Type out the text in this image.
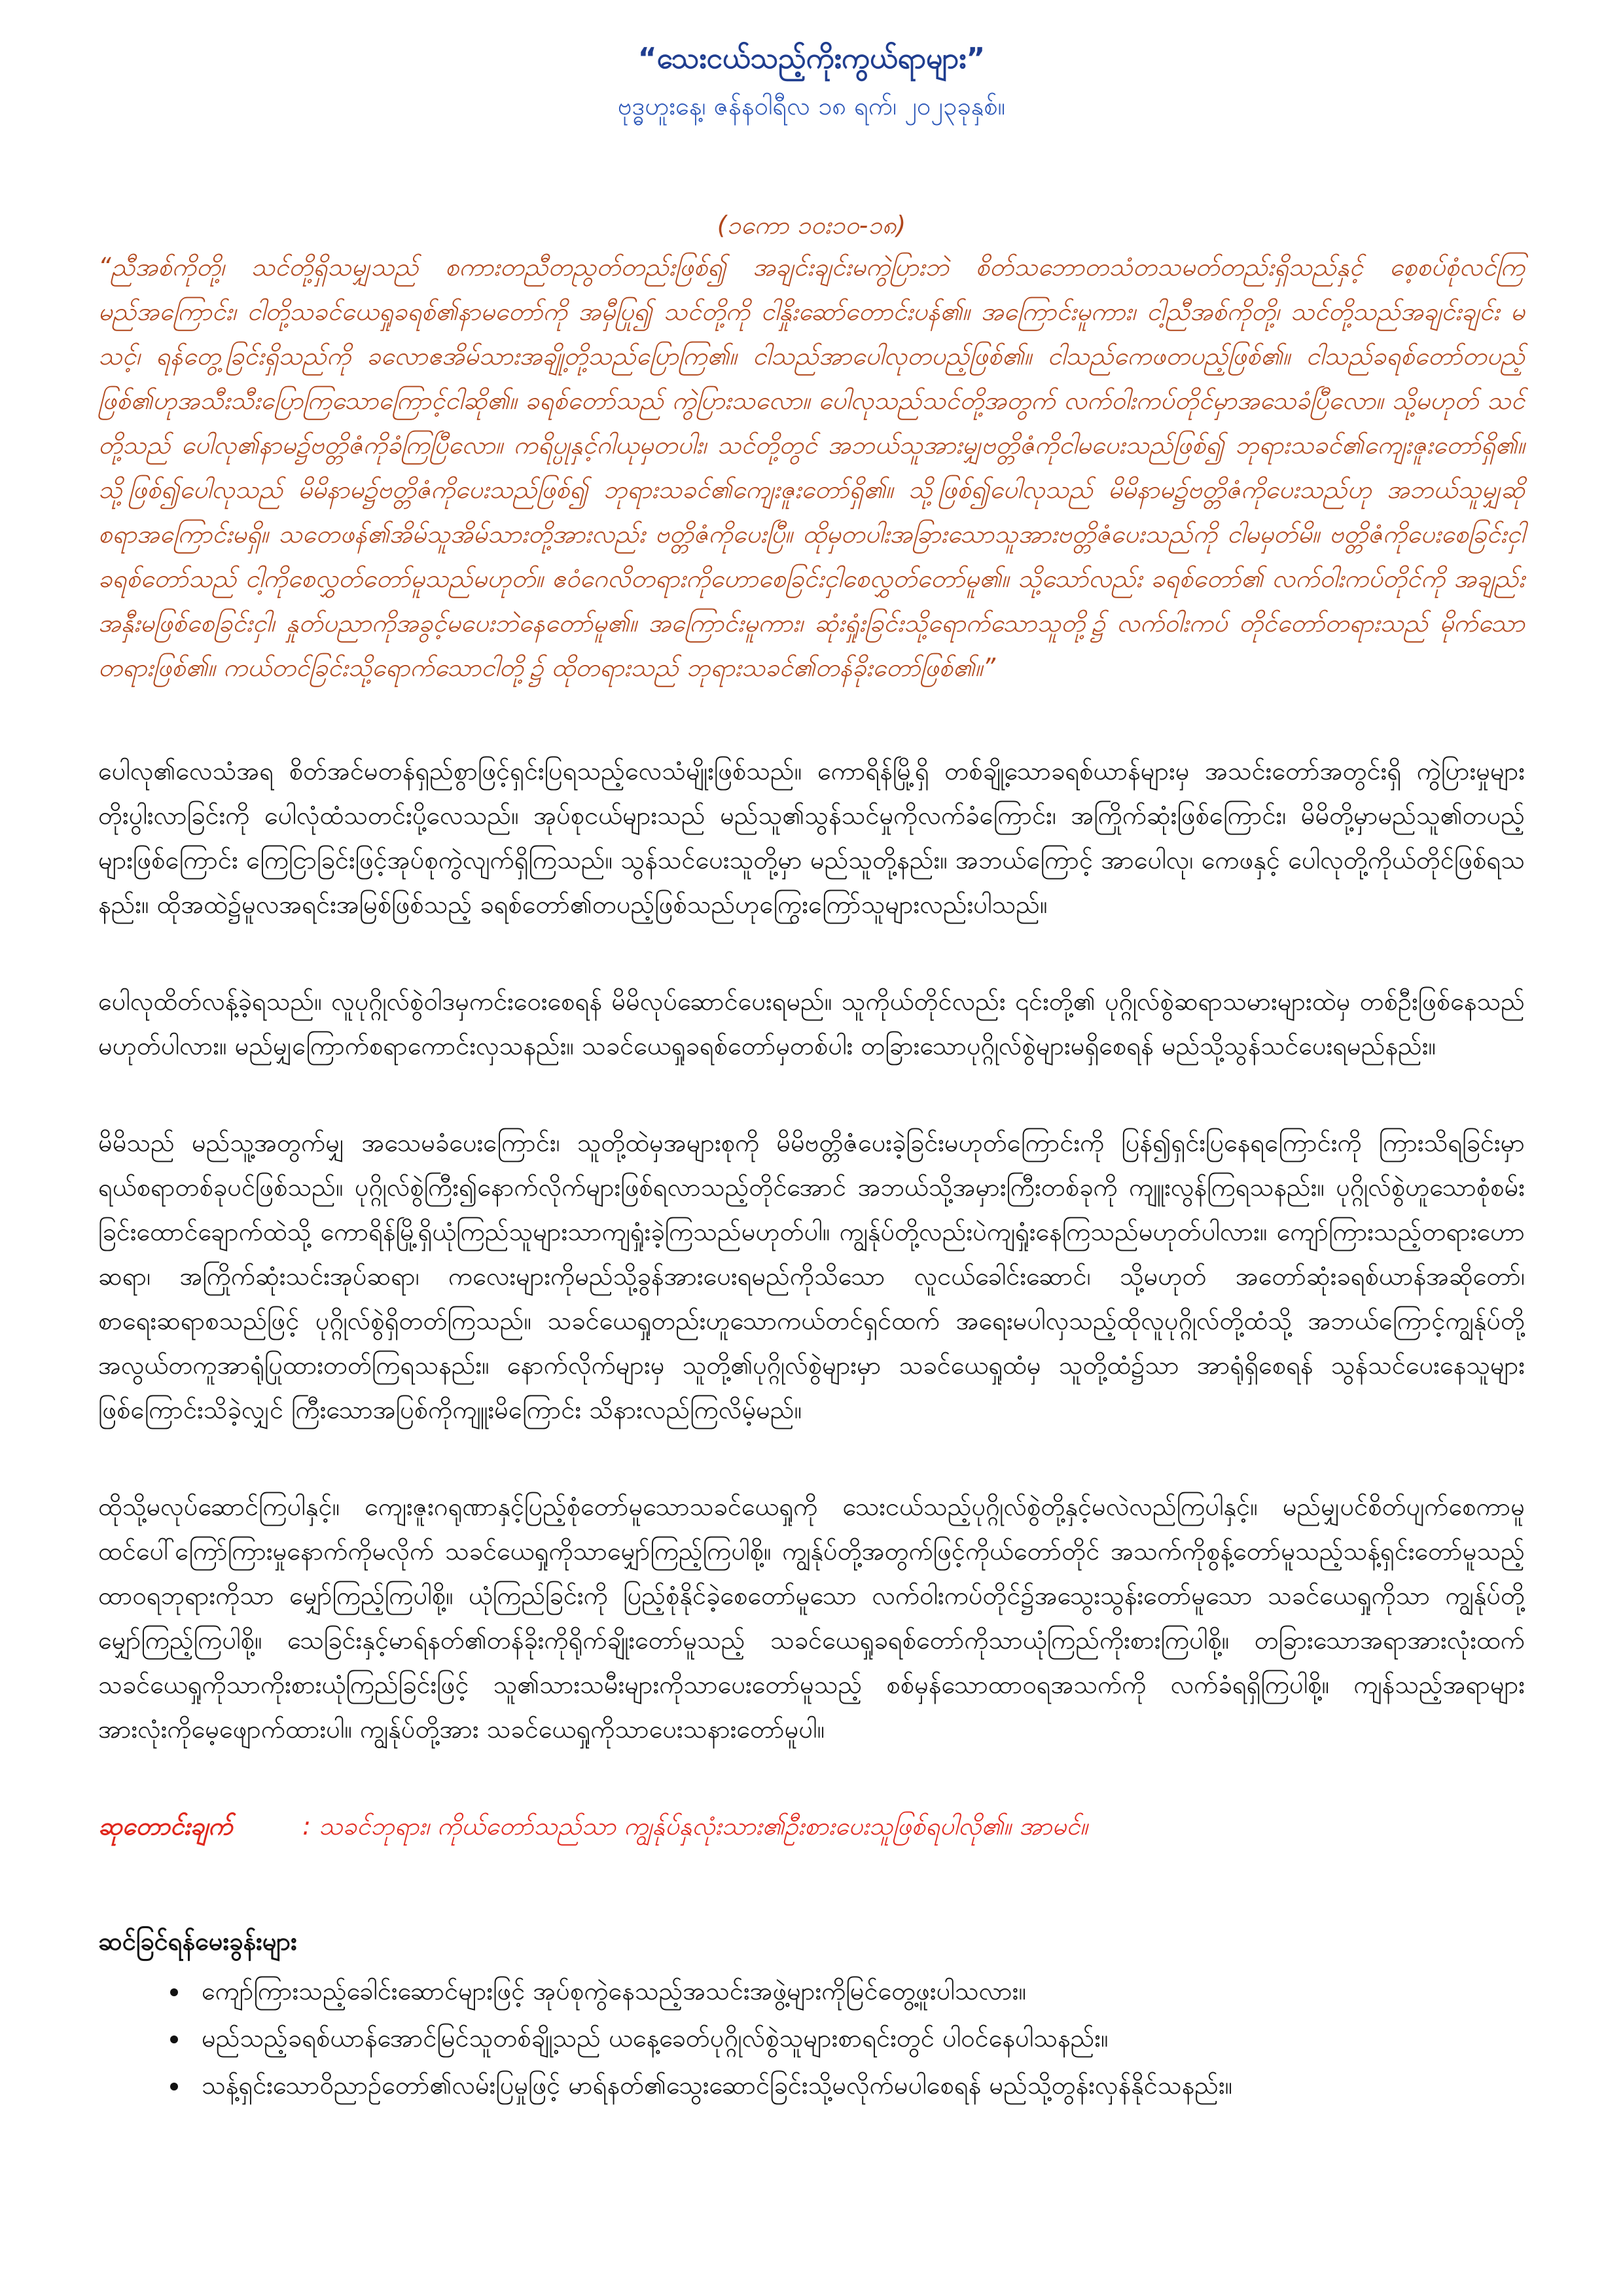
“သေးငယ်သည့်ကိုးကွယ်ရာများ”

ဗုဒ္ဓဟူးနေ့၊ ဇန်နဝါရီလ ၁၈ ရက်၊ ၂၀၂၃ခုနှစ်။

(၁ကော ၁၀း၁၀-၁၈)

“ညီအစ်ကိုတို့၊ သင်တို့ရှိသမျှသည် စကားတညီတညွတ်တည်းဖြစ်၍ အချင်းချင်းမကွဲပြားဘဲ စိတ်သဘောတသံတသမတ်တည်းရှိသည်နှင့် စေ့စပ်စုံလင်ကြမည်အကြောင်း၊ ငါတို့သခင်ယေရှုခရစ်၏နာမတော်ကို အမှီပြု၍ သင်တို့ကို ငါနှိုးဆော်တောင်းပန်၏။ အကြောင်းမူကား၊ ငါ့ညီအစ်ကိုတို့၊ သင်တို့သည်အချင်းချင်း မသင့်၊ ရန်တွေ့ခြင်းရှိသည်ကို ခလောဧအိမ်သားအချို့တို့သည်ပြောကြ၏။ ငါသည်အာပေါလုတပည့်ဖြစ်၏။ ငါသည်ကေဖတပည့်ဖြစ်၏။ ငါသည်ခရစ်တော်တပည့်ဖြစ်၏ဟုအသီးသီးပြောကြသောကြောင့်ငါဆို၏။ ခရစ်တော်သည် ကွဲပြားသလော။ ပေါလုသည်သင်တို့အတွက် လက်ဝါးကပ်တိုင်မှာအသေခံပြီလော။ သို့မဟုတ် သင်တို့သည် ပေါလု၏နာမ၌ဗတ္တိဇံကိုခံကြပြီလော။ ကရိပ္ပုနှင့်ဂါယုမှတပါး၊ သင်တို့တွင် အဘယ်သူအားမျှဗတ္တိဇံကိုငါမပေးသည်ဖြစ်၍ ဘုရားသခင်၏ကျေးဇူးတော်ရှိ၏။ သို့ဖြစ်၍ပေါလုသည် မိမိနာမ၌ဗတ္တိဇံကိုပေးသည်ဖြစ်၍ ဘုရားသခင်၏ကျေးဇူးတော်ရှိ၏။ သို့ဖြစ်၍ပေါလုသည် မိမိနာမ၌ဗတ္တိဇံကိုပေးသည်ဟု အဘယ်သူမျှဆိုစရာအကြောင်းမရှိ။ သတေဖန်၏အိမ်သူအိမ်သားတို့အားလည်း ဗတ္တိဇံကိုပေးပြီ။ ထိုမှတပါးအခြားသောသူအားဗတ္တိဇံပေးသည်ကို ငါမမှတ်မိ။ ဗတ္တိဇံကိုပေးစေခြင်းငှါ ခရစ်တော်သည် ငါ့ကိုစေလွှတ်တော်မူသည်မဟုတ်။ ဧဝံဂေလိတရားကိုဟောစေခြင်းငှါစေလွှတ်တော်မူ၏။ သို့သော်လည်း ခရစ်တော်၏ လက်ဝါးကပ်တိုင်ကို အချည်းအနှီးမဖြစ်စေခြင်းငှါ၊ နှုတ်ပညာကိုအခွင့်မပေးဘဲနေတော်မူ၏။ အကြောင်းမူကား၊ ဆုံးရှုံးခြင်းသို့ရောက်သောသူတို့၌ လက်ဝါးကပ် တိုင်တော်တရားသည် မိုက်သောတရားဖြစ်၏။ ကယ်တင်ခြင်းသို့ရောက်သောငါတို့၌ ထိုတရားသည် ဘုရားသခင်၏တန်ခိုးတော်ဖြစ်၏။”

ပေါလု၏လေသံအရ စိတ်အင်မတန်ရှည်စွာဖြင့်ရှင်းပြရသည့်လေသံမျိုးဖြစ်သည်။ ကောရိန်မြို့ရှိ တစ်ချို့သောခရစ်ယာန်များမှ အသင်းတော်အတွင်းရှိ ကွဲပြားမှုများ တိုးပွါးလာခြင်းကို ပေါလုံထံသတင်းပို့လေသည်။ အုပ်စုငယ်များသည် မည်သူ၏သွန်သင်မှုကိုလက်ခံကြောင်း၊ အကြိုက်ဆုံးဖြစ်ကြောင်း၊ မိမိတို့မှာမည်သူ၏တပည့်များဖြစ်ကြောင်း ကြေငြာခြင်းဖြင့်အုပ်စုကွဲလျက်ရှိကြသည်။ သွန်သင်ပေးသူတို့မှာ မည်သူတို့နည်း။ အဘယ်ကြောင့် အာပေါလု၊ ကေဖနှင့် ပေါလုတို့ကိုယ်တိုင်ဖြစ်ရသနည်း။ ထိုအထဲ၌မူလအရင်းအမြစ်ဖြစ်သည့် ခရစ်တော်၏တပည့်ဖြစ်သည်ဟုကြွေးကြော်သူများလည်းပါသည်။

ပေါလုထိတ်လန့်ခဲ့ရသည်။ လူပုဂ္ဂိုလ်စွဲဝါဒမှကင်းဝေးစေရန် မိမိလုပ်ဆောင်ပေးရမည်။ သူကိုယ်တိုင်လည်း ၎င်းတို့၏ ပုဂ္ဂိုလ်စွဲဆရာသမားများထဲမှ တစ်ဦးဖြစ်နေသည်မဟုတ်ပါလား။ မည်မျှကြောက်စရာကောင်းလှသနည်း။ သခင်ယေရှုခရစ်တော်မှတစ်ပါး တခြားသောပုဂ္ဂိုလ်စွဲများမရှိစေရန် မည်သို့သွန်သင်ပေးရမည်နည်း။

မိမိသည် မည်သူ့အတွက်မျှ အသေမခံပေးကြောင်း၊ သူတို့ထဲမှအများစုကို မိမိဗတ္တိဇံပေးခဲ့ခြင်းမဟုတ်ကြောင်းကို ပြန်၍ရှင်းပြနေရကြောင်းကို ကြားသိရခြင်းမှာ ရယ်စရာတစ်ခုပင်ဖြစ်သည်။ ပုဂ္ဂိုလ်စွဲကြီး၍နောက်လိုက်များဖြစ်ရလာသည့်တိုင်အောင် အဘယ်သို့အမှားကြီးတစ်ခုကို ကျူးလွန်ကြရသနည်း။ ပုဂ္ဂိုလ်စွဲဟူသောစုံစမ်းခြင်းထောင်ချောက်ထဲသို့ ကောရိန်မြို့ရှိယုံကြည်သူများသာကျရှုံးခဲ့ကြသည်မဟုတ်ပါ။ ကျွန်ုပ်တို့လည်းပဲကျရှုံးနေကြသည်မဟုတ်ပါလား။ ကျော်ကြားသည့်တရားဟောဆရာ၊ အကြိုက်ဆုံးသင်းအုပ်ဆရာ၊ ကလေးများကိုမည်သို့ခွန်အားပေးရမည်ကိုသိသော လူငယ်ခေါင်းဆောင်၊ သို့မဟုတ် အတော်ဆုံးခရစ်ယာန်အဆိုတော်၊ စာရေးဆရာစသည်ဖြင့် ပုဂ္ဂိုလ်စွဲရှိတတ်ကြသည်။ သခင်ယေရှုတည်းဟူသောကယ်တင်ရှင်ထက် အရေးမပါလှသည့်ထိုလူပုဂ္ဂိုလ်တို့ထံသို့ အဘယ်ကြောင့်ကျွန်ုပ်တို့ အလွယ်တကူအာရုံပြုထားတတ်ကြရသနည်း။ နောက်လိုက်များမှ သူတို့၏ပုဂ္ဂိုလ်စွဲများမှာ သခင်ယေရှုထံမှ သူတို့ထံ၌သာ အာရုံရှိစေရန် သွန်သင်ပေးနေသူများဖြစ်ကြောင်းသိခဲ့လျှင် ကြီးသောအပြစ်ကိုကျူးမိကြောင်း သိနားလည်ကြလိမ့်မည်။

ထိုသို့မလုပ်ဆောင်ကြပါနှင့်။ ကျေးဇူးဂရုဏာနှင့်ပြည့်စုံတော်မူသောသခင်ယေရှုကို သေးငယ်သည့်ပုဂ္ဂိုလ်စွဲတို့နှင့်မလဲလည်ကြပါနှင့်။ မည်မျှပင်စိတ်ပျက်စေကာမူ ထင်ပေါ်ကြော်ကြားမှုနောက်ကိုမလိုက် သခင်ယေရှုကိုသာမျှော်ကြည့်ကြပါစို့။ ကျွန်ုပ်တို့အတွက်ဖြင့်ကိုယ်တော်တိုင် အသက်ကိုစွန့်တော်မူသည့်သန့်ရှင်းတော်မူသည့် ထာဝရဘုရားကိုသာ မျှော်ကြည့်ကြပါစို့။ ယုံကြည်ခြင်းကို ပြည့်စုံနိုင်ခဲ့စေတော်မူသော လက်ဝါးကပ်တိုင်၌အသွေးသွန်းတော်မူသော သခင်ယေရှုကိုသာ ကျွန်ုပ်တို့မျှော်ကြည့်ကြပါစို့။ သေခြင်းနှင့်မာရ်နတ်၏တန်ခိုးကိုရိုက်ချိုးတော်မူသည့် သခင်ယေရှုခရစ်တော်ကိုသာယုံကြည်ကိုးစားကြပါစို့။ တခြားသောအရာအားလုံးထက် သခင်ယေရှုကိုသာကိုးစားယုံကြည်ခြင်းဖြင့် သူ၏သားသမီးများကိုသာပေးတော်မူသည့် စစ်မှန်သောထာဝရအသက်ကို လက်ခံရရှိကြပါစို့။ ကျန်သည့်အရာများအားလုံးကိုမေ့ဖျောက်ထားပါ။ ကျွန်ုပ်တို့အား သခင်ယေရှုကိုသာပေးသနားတော်မူပါ။

ဆုတောင်းချက်	: သခင်ဘုရား၊ ကိုယ်တော်သည်သာ ကျွန်ုပ်နှလုံးသား၏ဦးစားပေးသူဖြစ်ရပါလို၏။ အာမင်။

ဆင်ခြင်ရန်မေးခွန်းများ

• ကျော်ကြားသည့်ခေါင်းဆောင်များဖြင့် အုပ်စုကွဲနေသည့်အသင်းအဖွဲ့များကိုမြင်တွေ့ဖူးပါသလား။
• မည်သည့်ခရစ်ယာန်အောင်မြင်သူတစ်ချို့သည် ယနေ့ခေတ်ပုဂ္ဂိုလ်စွဲသူများစာရင်းတွင် ပါဝင်နေပါသနည်း။
• သန့်ရှင်းသောဝိညာဉ်တော်၏လမ်းပြမှုဖြင့် မာရ်နတ်၏သွေးဆောင်ခြင်းသို့မလိုက်မပါစေရန် မည်သို့တွန်းလှန်နိုင်သနည်း။
